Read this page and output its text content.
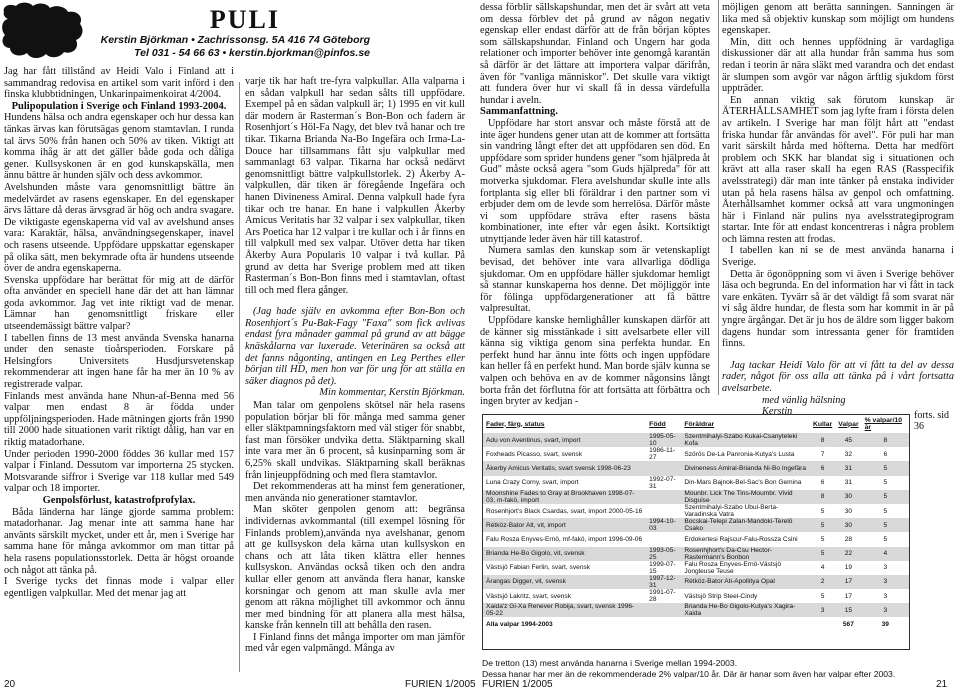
PULI
Kerstin Björkman • Zachrissonsg. 5A 416 74 Göteborg
Tel 031 - 54 66 63 • kerstin.bjorkman@pinfos.se

Jag har fått tillstånd av Heidi Valo i Finland att i sammandrag redovisa en artikel som varit införd i den finska klubbtidningen, Unkarinpaimenkoirat 4/2004.

Pulipopulation i Sverige och Finland 1993-2004.

Hundens hälsa och andra egenskaper och hur dessa kan tänkas ärvas kan förutsägas genom stamtavlan. I runda tal ärvs 50% från hanen och 50% av tiken. Viktigt att komma ihåg är att det gäller både goda och dåliga gener. Kullsyskonen är en god kunskapskälla, men ännu bättre är hunden själv och dess avkommor.

Avelshunden måste vara genomsnittligt bättre än medelvärdet av rasens egenskaper. En del egenskaper ärvs lättare då deras ärvsgrad är hög och andra svagare. De viktigaste egenskaperna vid val av avelshund anses vara: Karaktär, hälsa, användningsegenskaper, inavel och rasens utseende. Uppfödare uppskattar egenskaper på olika sätt, men bekymrade ofta är hundens utseende över de andra egenskaperna.

Svenska uppfödare har berättat för mig att de därför ofta använder en speciell hane där det att han lämnar goda avkommor. Jag vet inte riktigt vad de menar. Lämnar han genomsnittligt friskare eller utseendemässigt bättre valpar?

I tabellen finns de 13 mest använda Svenska hanarna under den senaste tioårsperioden. Forskare på Helsingfors Universitets Husdjursvetenskap rekommenderar att ingen hane får ha mer än 10 % av registrerade valpar.

Finlands mest använda hane Nhun-af-Benna med 56 valpar men endast 8 är födda under uppföljningsperioden. Hade mätningen gjorts från 1990 till 2000 hade situationen varit riktigt dålig, han var en riktig matadorhane.

Under perioden 1990-2000 föddes 36 kullar med 157 valpar i Finland. Dessutom var importerna 25 stycken. Motsvarande siffror i Sverige var 118 kullar med 549 valpar och 18 importer.

Genpolsförlust, katastrofprofylax.

Båda länderna har länge gjorde samma problem: matadorhanar. Jag menar inte att samma hane har använts särskilt mycket, under ett år, men i Sverige har samma hane för många avkommor om man tittar på hela rasens populationsstorlek. Detta är högst oroande och något att tänka på.

I Sverige tycks det finnas mode i valpar eller egentligen valpkullar. Med det menar jag att

varje tik har haft tre-fyra valpkullar. Alla valparna i en sådan valpkull har sedan sålts till uppfödare. Exempel på en sådan valpkull är; 1) 1995 en vit kull där modern är Rasterman´s Bon-Bon och fadern är Rosenhjort´s Höl-Fa Nagy, det blev två hanar och tre tikar. Tikarna Brianda Na-Bo Ingefära och Irma-La-Douce har tillsammans fått sju valpkullar med sammanlagt 63 valpar. Tikarna har också nedärvt genomsnittligt bättre valpkullstorlek. 2) Åkerby A-valpkullen, där tiken är föregående Ingefära och hanen Divineness Amiral. Denna valpkull hade fyra tikar och tre hanar. En hane i valpkullen Åkerby Amicus Veritatis har 32 valpar i sex valpkullar, tiken Ars Poetica har 12 valpar i tre kullar och i år finns en till valpkull med sex valpar. Utöver detta har tiken Åkerby Aura Popularis 10 valpar i två kullar. På grund av detta har Sverige problem med att tiken Rasterman´s Bon-Bon finns med i stamtavlan, oftast till och med flera gånger.

(Jag hade själv en avkomma efter Bon-Bon och Rosenhjort´s Pu-Bak-Fagy "Faxa" som fick avlivas endast fyra månader gammal på grund av att bägge knäskålarna var luxerade. Veterinären sa också att det fanns någonting, antingen en Leg Perthes eller början till HD, men hon var för ung för att ställa en säker diagnos på det).

Min kommentar, Kerstin Björkman.

Man talar om genpolens skötsel när hela rasens population börjar bli för många med samma gener eller släktpamningsfaktorn med väl stiger för snabbt, fast man försöker undvika detta. Släktparning skall inte vara mer än 6 procent, så kusinparning som är 6,25% skall undvikas. Släktparning skall beräknas från linjeuppfödning och med flera stamtavlor.

Det rekommenderas att ha minst fem generationer, men använda nio generationer stamtavlor.

Man sköter genpolen genom att: begränsa individernas avkommantal (till exempel lösning för Finlands problem),använda nya avelshanar, genom att ge kullsyskon dela kärna utan kullsyskon en chans och att låta tiken klättra eller hennes kullsyskon. Användas också tiken och den andra kullar eller genom att använda flera hanar, kanske korsningar och genom att man skulle avla mer genom att räkna möjlighet till avkommor och ännu mer med bindning för att planera alla mest hälsa, kanske från kenneln till att behålla den rasen.

I Finland finns det många importer om man jämför med vår egen valpmängd. Många av

dessa förblir sällskapshundar, men det är svårt att veta om dessa förblev det på grund av någon negativ egenskap eller endast därför att de från början köptes som sällskapshundar. Finland och Ungern har goda relationer och importer behöver inte genomgå karantän så därför är det lättare att importera valpar därifrån, även för "vanliga människor". Det skulle vara viktigt att fundera över hur vi skall få in dessa värdefulla hundar i aveln.

Sammanfattning.

Uppfödare har stort ansvar och måste förstå att de inte äger hundens gener utan att de kommer att fortsätta sin vandring långt efter det att uppfödaren sen död. En uppfödare som sprider hundens gener "som hjälpreda åt Gud" måste också agera "som Guds hjälpreda" för att motverka sjukdomar. Flera avelshundar skulle inte alls fortplanta sig eller bli föräldrar i den partner som vi erbjuder dem om de levde som herrelösa. Därför måste vi som uppfödare sträva efter rasens bästa kombinationer, inte efter vår egen åsikt. Kortsiktigt utnyttjande leder även här till katastrof.

Numera samlas den kunskap som är vetenskapligt bevisad, det behöver inte vara allvarliga dödliga sjukdomar. Om en uppfödare häller sjukdomar hemligt så stannar kunskaperna hos denne. Det möjliggör inte för fölinga uppfödargenerationer att få bättre valpresultat.

Uppfödare kanske hemlighåller kunskapen därför att de känner sig misstänkade i sitt avelsarbete eller vill känna sig viktiga genom sina perfekta hundar. En perfekt hund har ännu inte fötts och ingen uppfödare kan heller få en perfekt hund. Man borde själv kunna se valpen och behöva en av de kommer någonsins långt borta från det förflutna för att fortsätta att förbättra och ingen bryter av kedjan -

möjligen genom att berätta sanningen. Sanningen är lika med så objektiv kunskap som möjligt om hundens egenskaper.

Min, ditt och hennes uppfödning är vardagliga diskussioner där att alla hundar från samma hus som redan i teorin är nära släkt med varandra och det endast är slumpen som avgör var någon ärftlig sjukdom först uppträder.

En annan viktig sak förutom kunskap är ÄTERHÅLLSAMHET som jag lyfte fram i första delen av artikeln. I Sverige har man följt hårt att "endast friska hundar får användas för avel". För puli har man varit särskilt hårda med höfterna. Detta har medfört problem och SKK har blandat sig i situationen och krävt att alla raser skall ha egen RAS (Rasspecifik avelsstrategi) där man inte tänker på enstaka individer utan på hela rasens hälsa av genpol och omfattning. Återhållsamhet kommer också att vara ungmoningen här i Finland när pulins nya avelsstrategiprogram startar. Inte för att endast koncentreras i några problem och lämna resten att frodas.

I tabellen kan ni se de mest använda hanarna i Sverige.

Detta är ögonöppning som vi även i Sverige behöver läsa och begrunda. En del information har vi fått in tack vare enkäten. Tyvärr så är det väldigt få som svarat när vi såg äldre hundar, de flesta som har kommit in är på yngre ärgångar. Det är ju hos de äldre som ligger bakom dagens hundar som intressanta gener för framtiden finns.

Jag tackar Heidi Valo för att vi fått ta del av dessa rader, något för oss alla att tänka på i vårt fortsatta avelsarbete.

med vänlig hälsning

Kerstin	forts. sid 36
Fader, färg, status	Född	Föräldrar	Kullar	Valpar	% valpar/10 år
Adu von Aventinus, svart, import	1995-05-10	Szentmihalyi-Szabo Kukai-Csanyteleki Kofa	8	45	8
Foxheads Picasso, svart, svensk	1986-11-27	Szörös De-La Panronia-Kutya's Lusta	7	32	6
Åkerby Amicus Veritatis, svart svensk 1998-06-23		Divineness Amiral-Brianda Ni-Bo Ingefära	6	31	5
Luna Crazy Corny, svart, import	1992-07-31	Din-Mars Bajnok-Bel-Sac's Bon Gemina	6	31	5
Moonshine Fades to Gray at Brookhaven 1998-07-03, m-fakö, import		Mounbr. Lick The Tins-Moumbr. Vivid Disguise	8	30	5
Rosenhjort's Black Csardas, svart, import 2000-05-16		Szentmihalyi-Szabo Ubul-Berta-Varadinska Vatra	5	30	5
Rétköz-Bator Alt, vit, import	1994-10-03	Bocskai-Telepi Zalan-Mandoki-Terelö Csako	5	30	5
Falu Rosza Enyves-Ernö, mf-fakö, import 1996-09-06		Erdokertesi Rajscur-Falu-Rossza Csini	5	28	5
Brianda He-Bo Gigolo, vit, svensk	1993-05-25	Rosenhjhort's Da-Csu Hector-Rastermann's Bonbon	5	22	4
Västsjö Fabian Ferlin, svart, svensk	1999-07-15	Falu Rosza Enyves-Ernö-Västsjö Jongleuse Teuse	4	19	3
Ärangas Digger, vit, svensk	1997-12-31	Rétköz-Bator Ati-Apollitya Opal	2	17	3
Västsjö Lakritz, svart, svensk	1991-07-28	Västsjö Strip Steel-Cindy	5	17	3
Xaida'z Gi-Xa Renever Robija, svart, svensk 1996-05-22		Brianda He-Bo Gigolo-Kutya's Xagira-Xaida	3	15	3
Alla valpar 1994-2003				567	39
De tretton (13) mest använda hanarna i Sverige mellan 1994-2003.
Dessa hanar har mer än de rekommenderade 2% valpar/10 år. Där är hanar som även har valpar efter 2003.
20	FURIEN 1/2005 FURIEN 1/2005	21
